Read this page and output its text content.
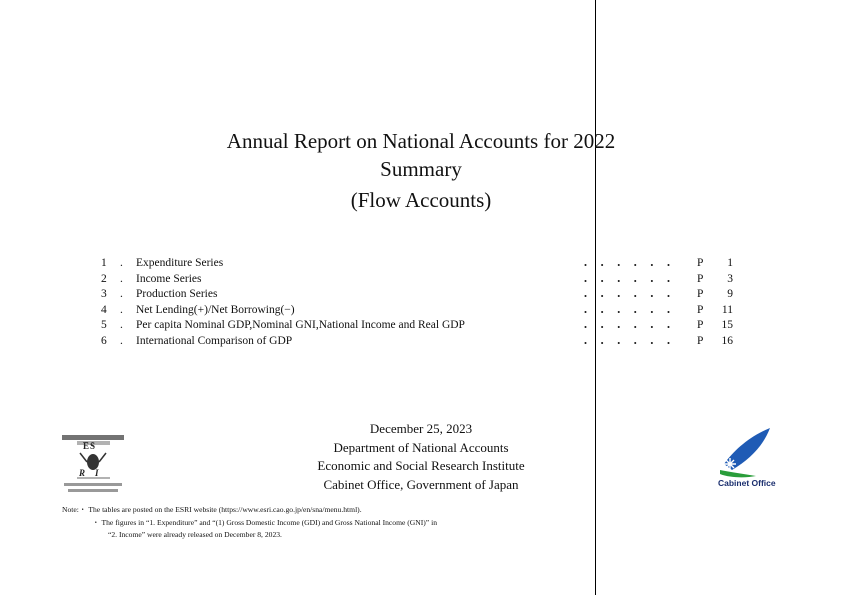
Annual Report on National Accounts for 2022
Summary
(Flow Accounts)
1 . Expenditure Series	・・・・・・ P	1
2 . Income Series	・・・・・・ P	3
3 . Production Series	・・・・・・ P	9
4 . Net Lending(+)/Net Borrowing(−)	・・・・・・ P	11
5 . Per capita Nominal GDP,Nominal GNI,National Income and Real GDP	・・・・・・ P	15
6 . International Comparison of GDP	・・・・・・ P	16
December 25, 2023
Department of National Accounts
Economic and Social Research Institute
Cabinet Office, Government of Japan
E S
R I
Cabinet Office
Note:・ The tables are posted on the ESRI website (https://www.esri.cao.go.jp/en/sna/menu.html).
・ The figures in “1. Expenditure” and “(1) Gross Domestic Income (GDI) and Gross National Income (GNI)” in
“2. Income” were already released on December 8, 2023.
